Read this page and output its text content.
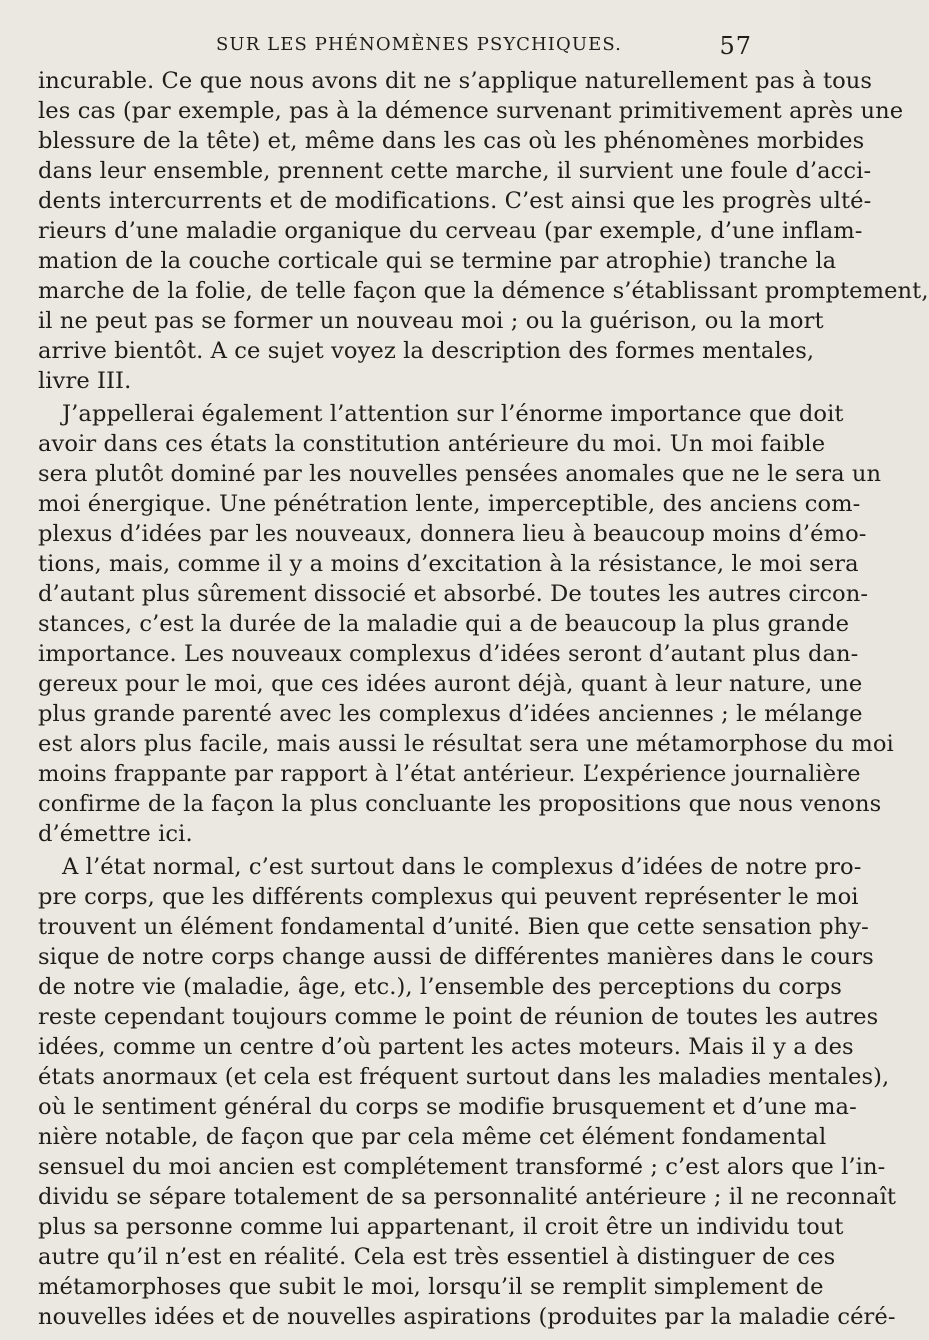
SUR LES PHÉNOMÈNES PSYCHIQUES.	57
incurable. Ce que nous avons dit ne s’applique naturellement pas à tous
les cas (par exemple, pas à la démence survenant primitivement après une
blessure de la tête) et, même dans les cas où les phénomènes morbides
dans leur ensemble, prennent cette marche, il survient une foule d’acci-
dents intercurrents et de modifications. C’est ainsi que les progrès ulté-
rieurs d’une maladie organique du cerveau (par exemple, d’une inflam-
mation de la couche corticale qui se termine par atrophie) tranche la
marche de la folie, de telle façon que la démence s’établissant promptement,
il ne peut pas se former un nouveau moi ; ou la guérison, ou la mort
arrive bientôt. A ce sujet voyez la description des formes mentales,
livre III.
J’appellerai également l’attention sur l’énorme importance que doit
avoir dans ces états la constitution antérieure du moi. Un moi faible
sera plutôt dominé par les nouvelles pensées anomales que ne le sera un
moi énergique. Une pénétration lente, imperceptible, des anciens com-
plexus d’idées par les nouveaux, donnera lieu à beaucoup moins d’émo-
tions, mais, comme il y a moins d’excitation à la résistance, le moi sera
d’autant plus sûrement dissocié et absorbé. De toutes les autres circon-
stances, c’est la durée de la maladie qui a de beaucoup la plus grande
importance. Les nouveaux complexus d’idées seront d’autant plus dan-
gereux pour le moi, que ces idées auront déjà, quant à leur nature, une
plus grande parenté avec les complexus d’idées anciennes ; le mélange
est alors plus facile, mais aussi le résultat sera une métamorphose du moi
moins frappante par rapport à l’état antérieur. L’expérience journalière
confirme de la façon la plus concluante les propositions que nous venons
d’émettre ici.
A l’état normal, c’est surtout dans le complexus d’idées de notre pro-
pre corps, que les différents complexus qui peuvent représenter le moi
trouvent un élément fondamental d’unité. Bien que cette sensation phy-
sique de notre corps change aussi de différentes manières dans le cours
de notre vie (maladie, âge, etc.), l’ensemble des perceptions du corps
reste cependant toujours comme le point de réunion de toutes les autres
idées, comme un centre d’où partent les actes moteurs. Mais il y a des
états anormaux (et cela est fréquent surtout dans les maladies mentales),
où le sentiment général du corps se modifie brusquement et d’une ma-
nière notable, de façon que par cela même cet élément fondamental
sensuel du moi ancien est complétement transformé ; c’est alors que l’in-
dividu se sépare totalement de sa personnalité antérieure ; il ne reconnaît
plus sa personne comme lui appartenant, il croit être un individu tout
autre qu’il n’est en réalité. Cela est très essentiel à distinguer de ces
métamorphoses que subit le moi, lorsqu’il se remplit simplement de
nouvelles idées et de nouvelles aspirations (produites par la maladie céré-
